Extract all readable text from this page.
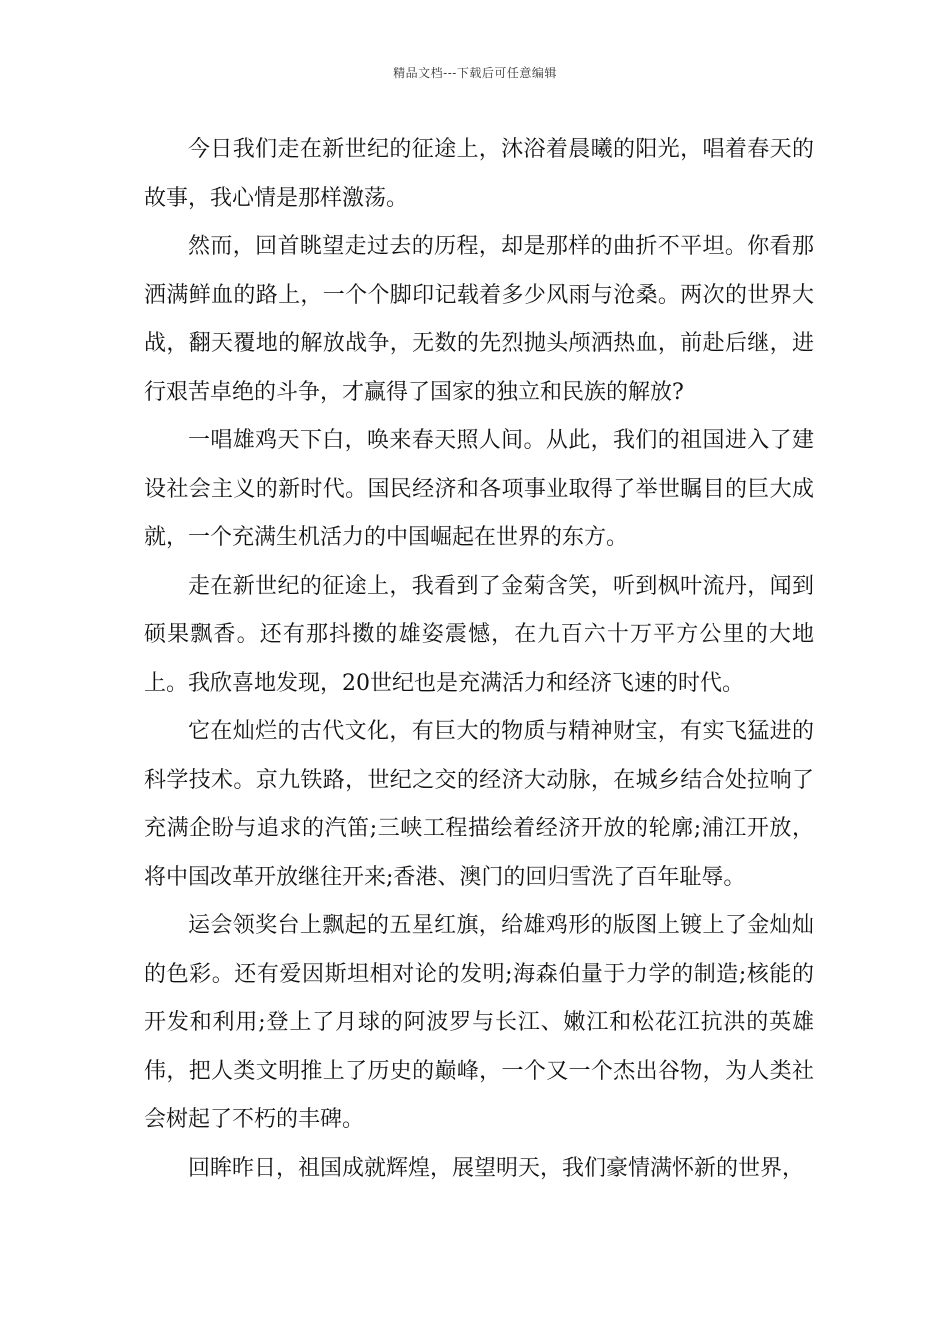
精品文档---下载后可任意编辑

今日我们走在新世纪的征途上，沐浴着晨曦的阳光，唱着春天的故事，我心情是那样激荡。

然而，回首眺望走过去的历程，却是那样的曲折不平坦。你看那洒满鲜血的路上，一个个脚印记载着多少风雨与沧桑。两次的世界大战，翻天覆地的解放战争，无数的先烈抛头颅洒热血，前赴后继，进行艰苦卓绝的斗争，才赢得了国家的独立和民族的解放?

一唱雄鸡天下白，唤来春天照人间。从此，我们的祖国进入了建设社会主义的新时代。国民经济和各项事业取得了举世瞩目的巨大成就，一个充满生机活力的中国崛起在世界的东方。

走在新世纪的征途上，我看到了金菊含笑，听到枫叶流丹，闻到硕果飘香。还有那抖擞的雄姿震憾，在九百六十万平方公里的大地上。我欣喜地发现，20世纪也是充满活力和经济飞速的时代。

它在灿烂的古代文化，有巨大的物质与精神财宝，有实飞猛进的科学技术。京九铁路，世纪之交的经济大动脉，在城乡结合处拉响了充满企盼与追求的汽笛;三峡工程描绘着经济开放的轮廓;浦江开放，将中国改革开放继往开来;香港、澳门的回归雪洗了百年耻辱。

运会领奖台上飘起的五星红旗，给雄鸡形的版图上镀上了金灿灿的色彩。还有爱因斯坦相对论的发明;海森伯量于力学的制造;核能的开发和利用;登上了月球的阿波罗与长江、嫩江和松花江抗洪的英雄伟，把人类文明推上了历史的巅峰，一个又一个杰出谷物，为人类社会树起了不朽的丰碑。

回眸昨日，祖国成就辉煌，展望明天，我们豪情满怀新的世界，
